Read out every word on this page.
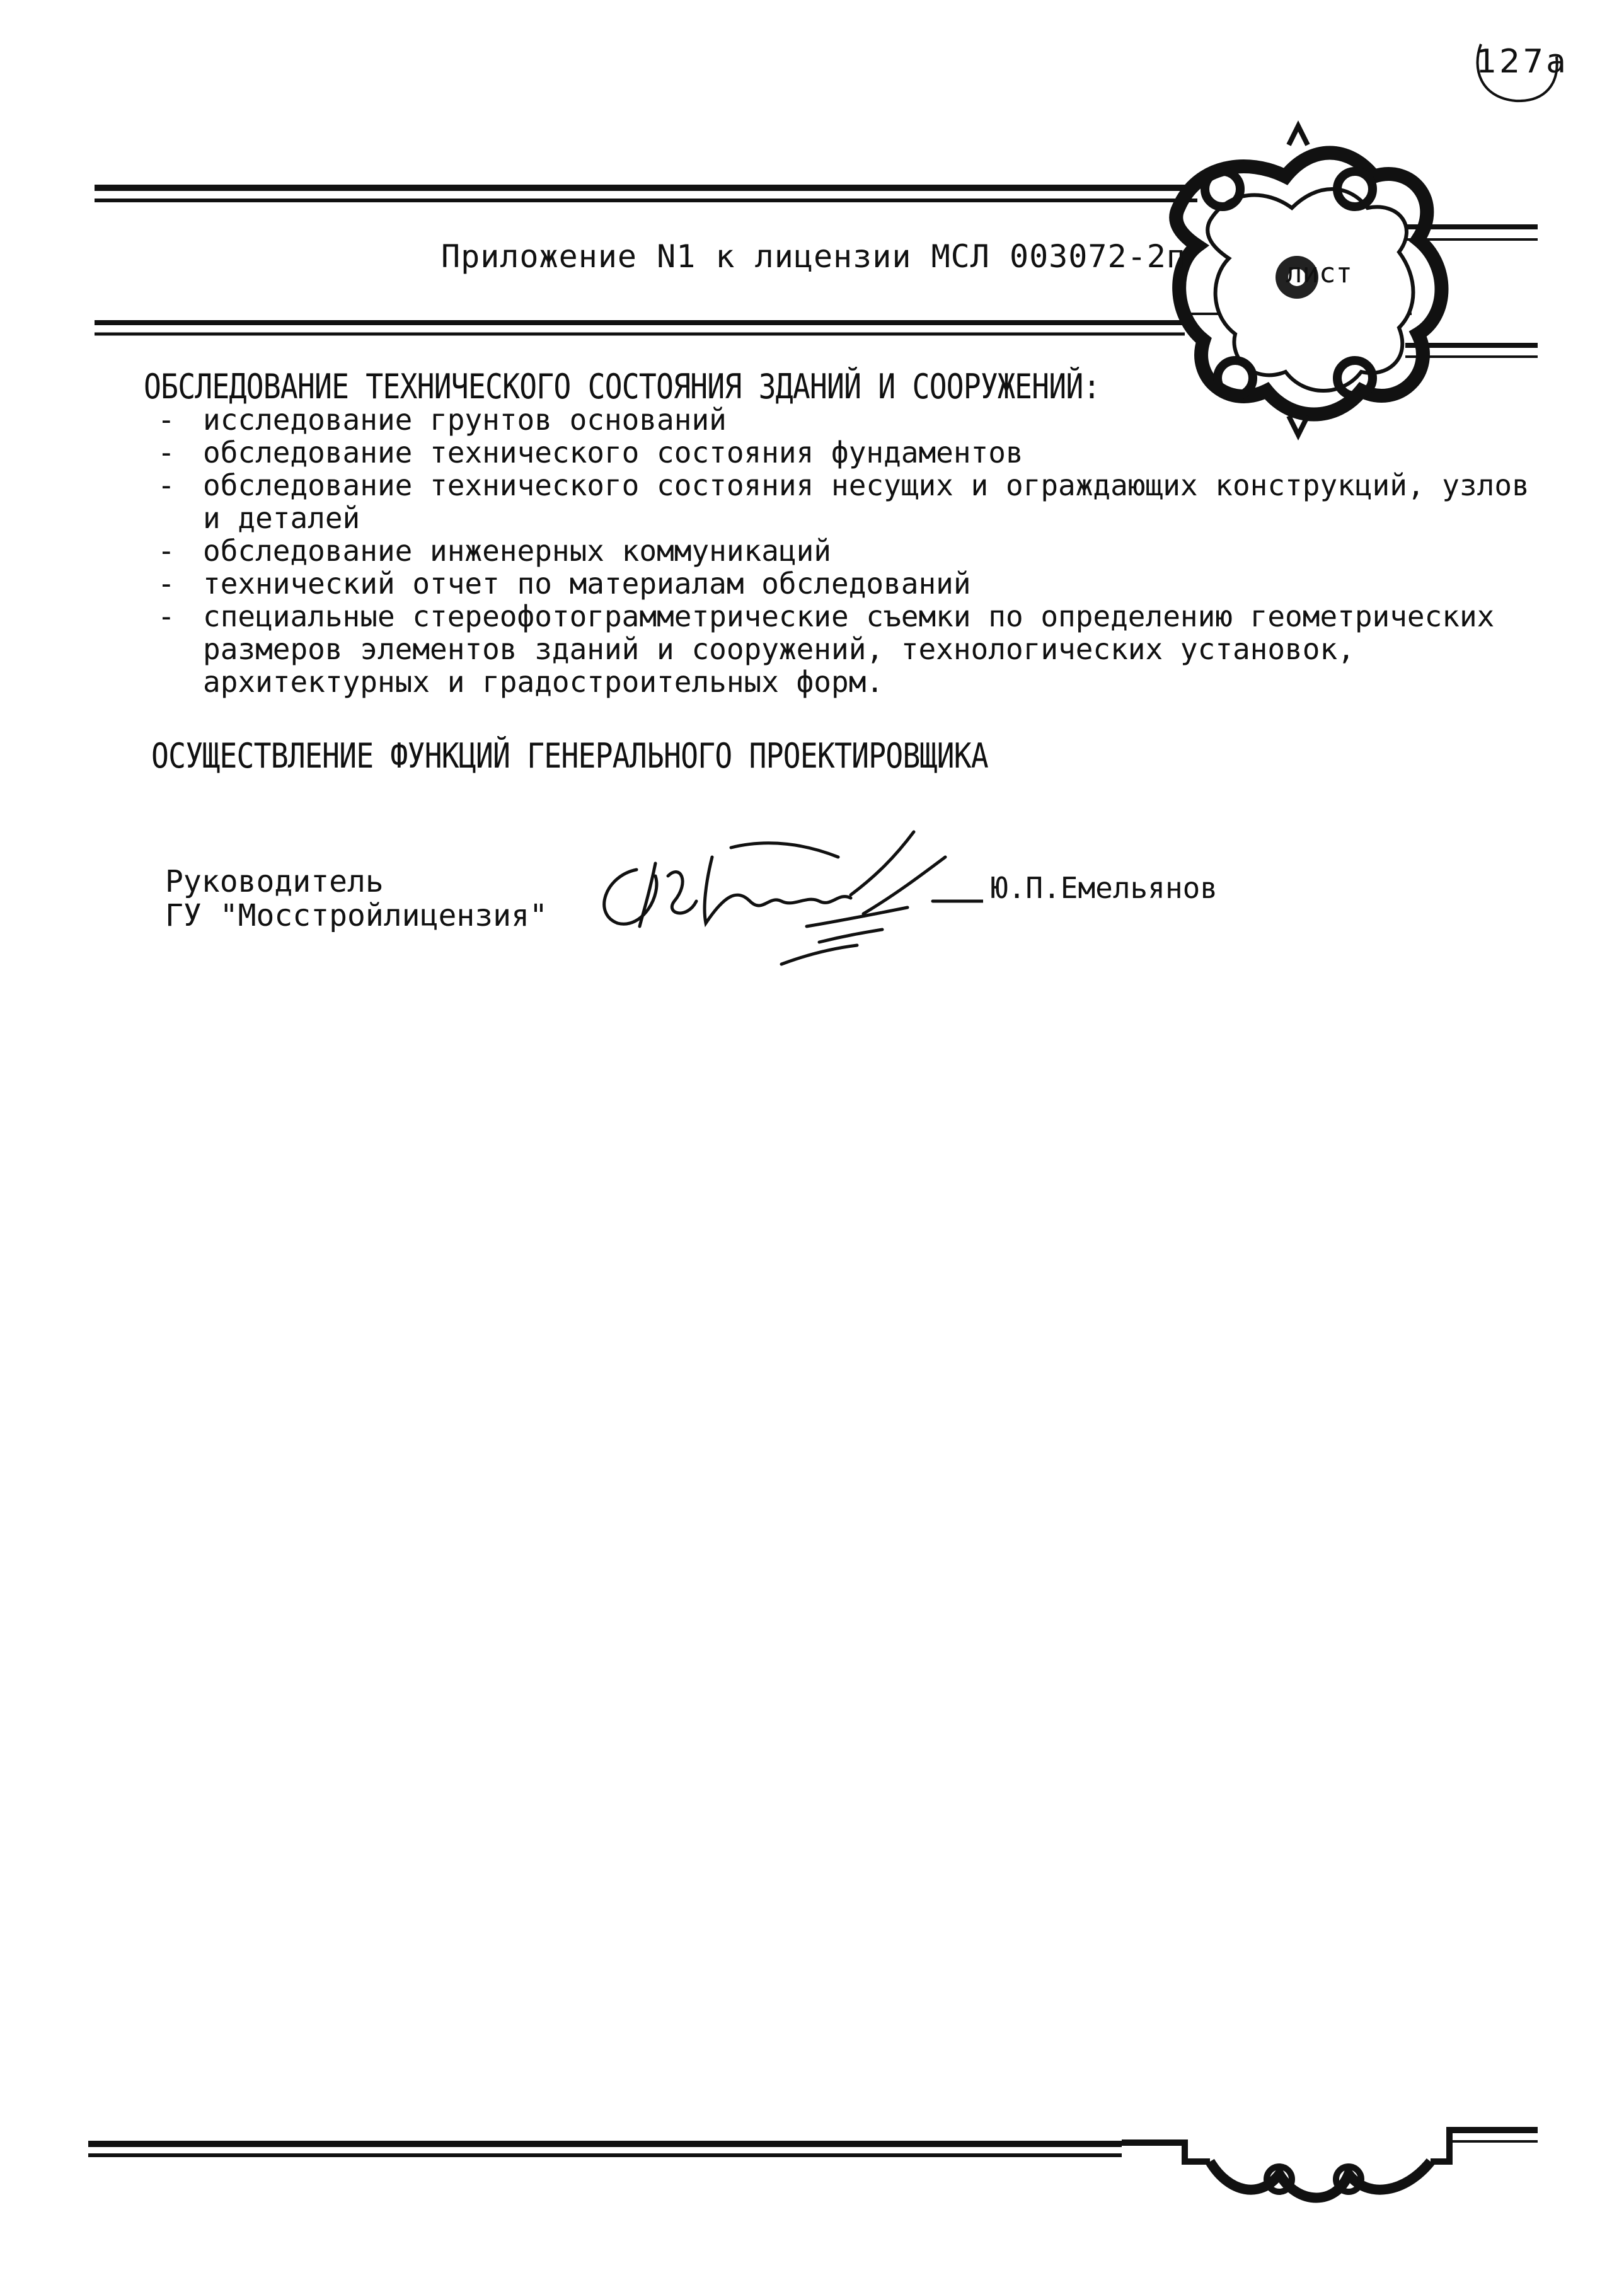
127a
Приложение N1 к лицензии МСЛ 003072-2п	лист
ОБСЛЕДОВАНИЕ ТЕХНИЧЕСКОГО СОСТОЯНИЯ ЗДАНИЙ И СООРУЖЕНИЙ:
- исследование грунтов оснований
- обследование технического состояния фундаментов
- обследование технического состояния несущих и ограждающих конструкций, узлов и деталей
- обследование инженерных коммуникаций
- технический отчет по материалам обследований
- специальные стереофотограмметрические съемки по определению геометрических размеров элементов зданий и сооружений, технологических установок, архитектурных и градостроительных форм.
ОСУЩЕСТВЛЕНИЕ ФУНКЦИЙ ГЕНЕРАЛЬНОГО ПРОЕКТИРОВЩИКА
Руководитель
ГУ "Мосстройлицензия"
Ю.П.Емельянов
